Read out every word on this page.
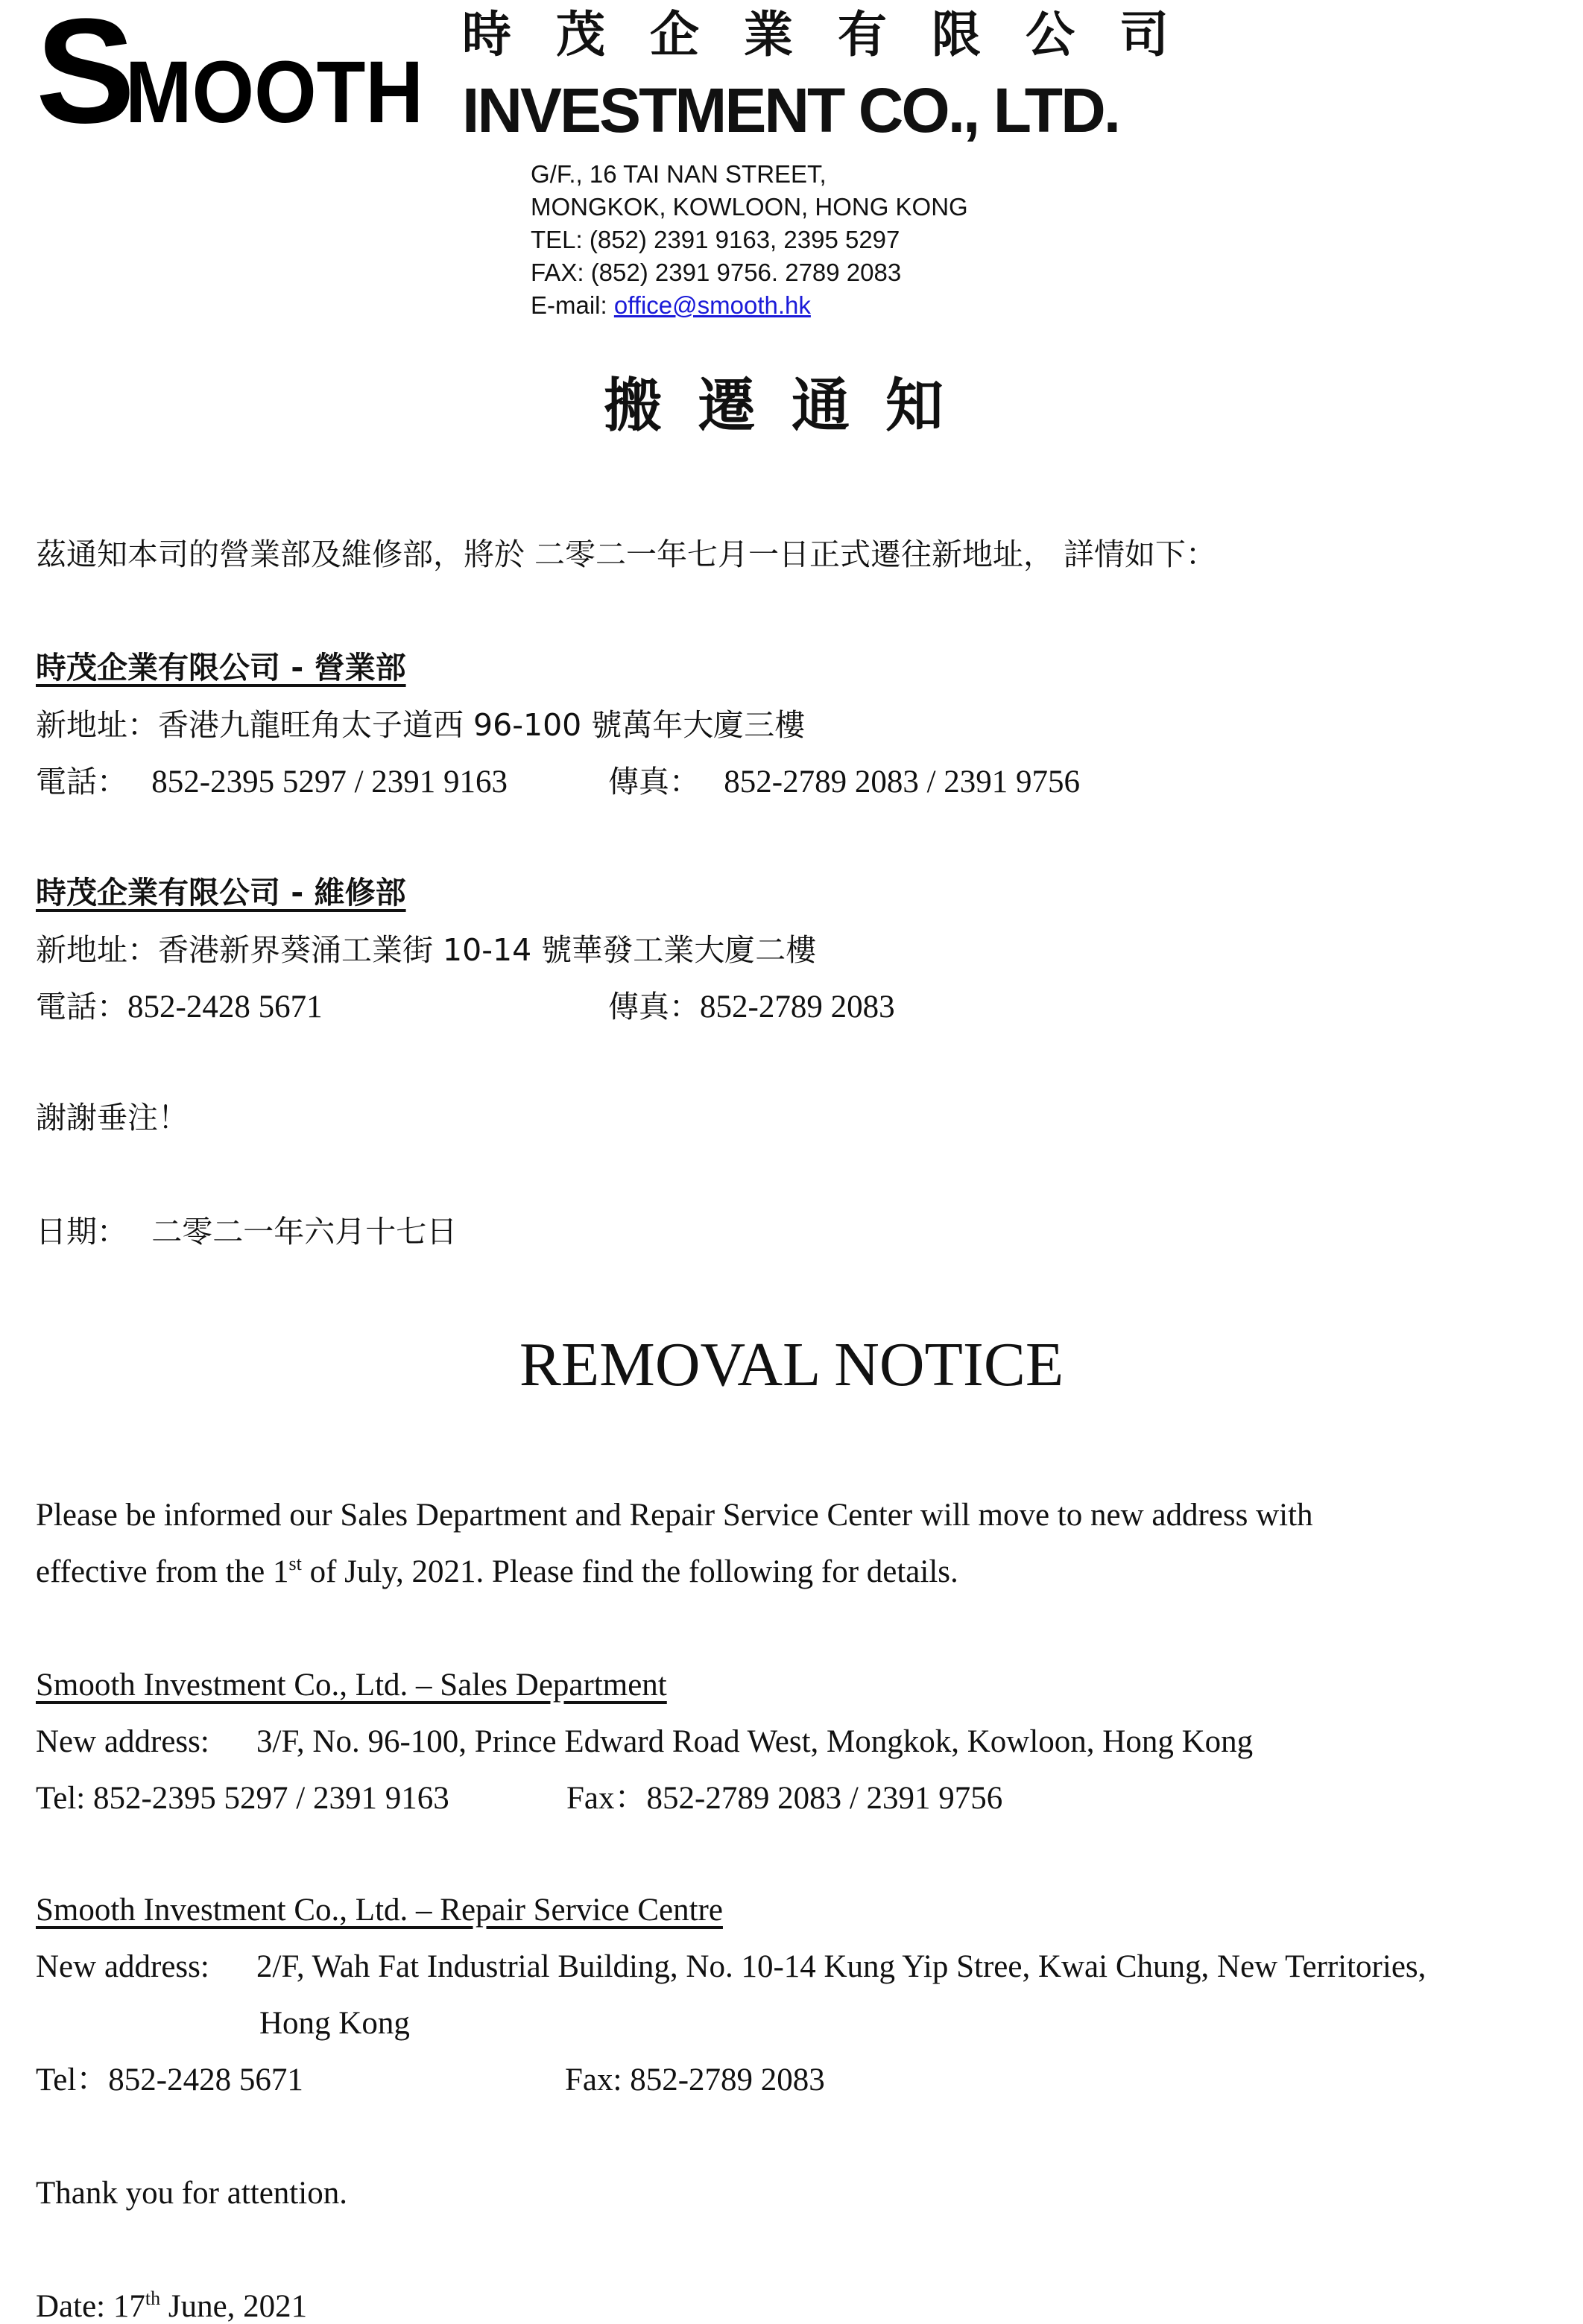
S
MOOTH
時茂企業有限公司
INVESTMENT CO., LTD.
G/F., 16 TAI NAN STREET,
MONGKOK, KOWLOON, HONG KONG
TEL: (852) 2391 9163, 2395 5297
FAX: (852) 2391 9756. 2789 2083
E-mail: office@smooth.hk
搬遷通知
茲通知本司的營業部及維修部，將於 二零二一年七月一日正式遷往新地址， 詳情如下：
時茂企業有限公司 - 營業部
新地址：香港九龍旺角太子道西 96-100 號萬年大廈三樓
電話： 852-2395 5297 / 2391 9163	傳真： 852-2789 2083 / 2391 9756
時茂企業有限公司 - 維修部
新地址：香港新界葵涌工業街 10-14 號華發工業大廈二樓
電話：852-2428 5671	傳真：852-2789 2083
謝謝垂注！
日期： 二零二一年六月十七日
REMOVAL NOTICE
Please be informed our Sales Department and Repair Service Center will move to new address with
effective from the 1st of July, 2021. Please find the following for details.
Smooth Investment Co., Ltd. – Sales Department
New address: 3/F, No. 96-100, Prince Edward Road West, Mongkok, Kowloon, Hong Kong
Tel: 852-2395 5297 / 2391 9163	Fax：852-2789 2083 / 2391 9756
Smooth Investment Co., Ltd. – Repair Service Centre
New address: 2/F, Wah Fat Industrial Building, No. 10-14 Kung Yip Stree, Kwai Chung, New Territories,
Hong Kong
Tel：852-2428 5671	Fax: 852-2789 2083
Thank you for attention.
Date: 17th June, 2021
